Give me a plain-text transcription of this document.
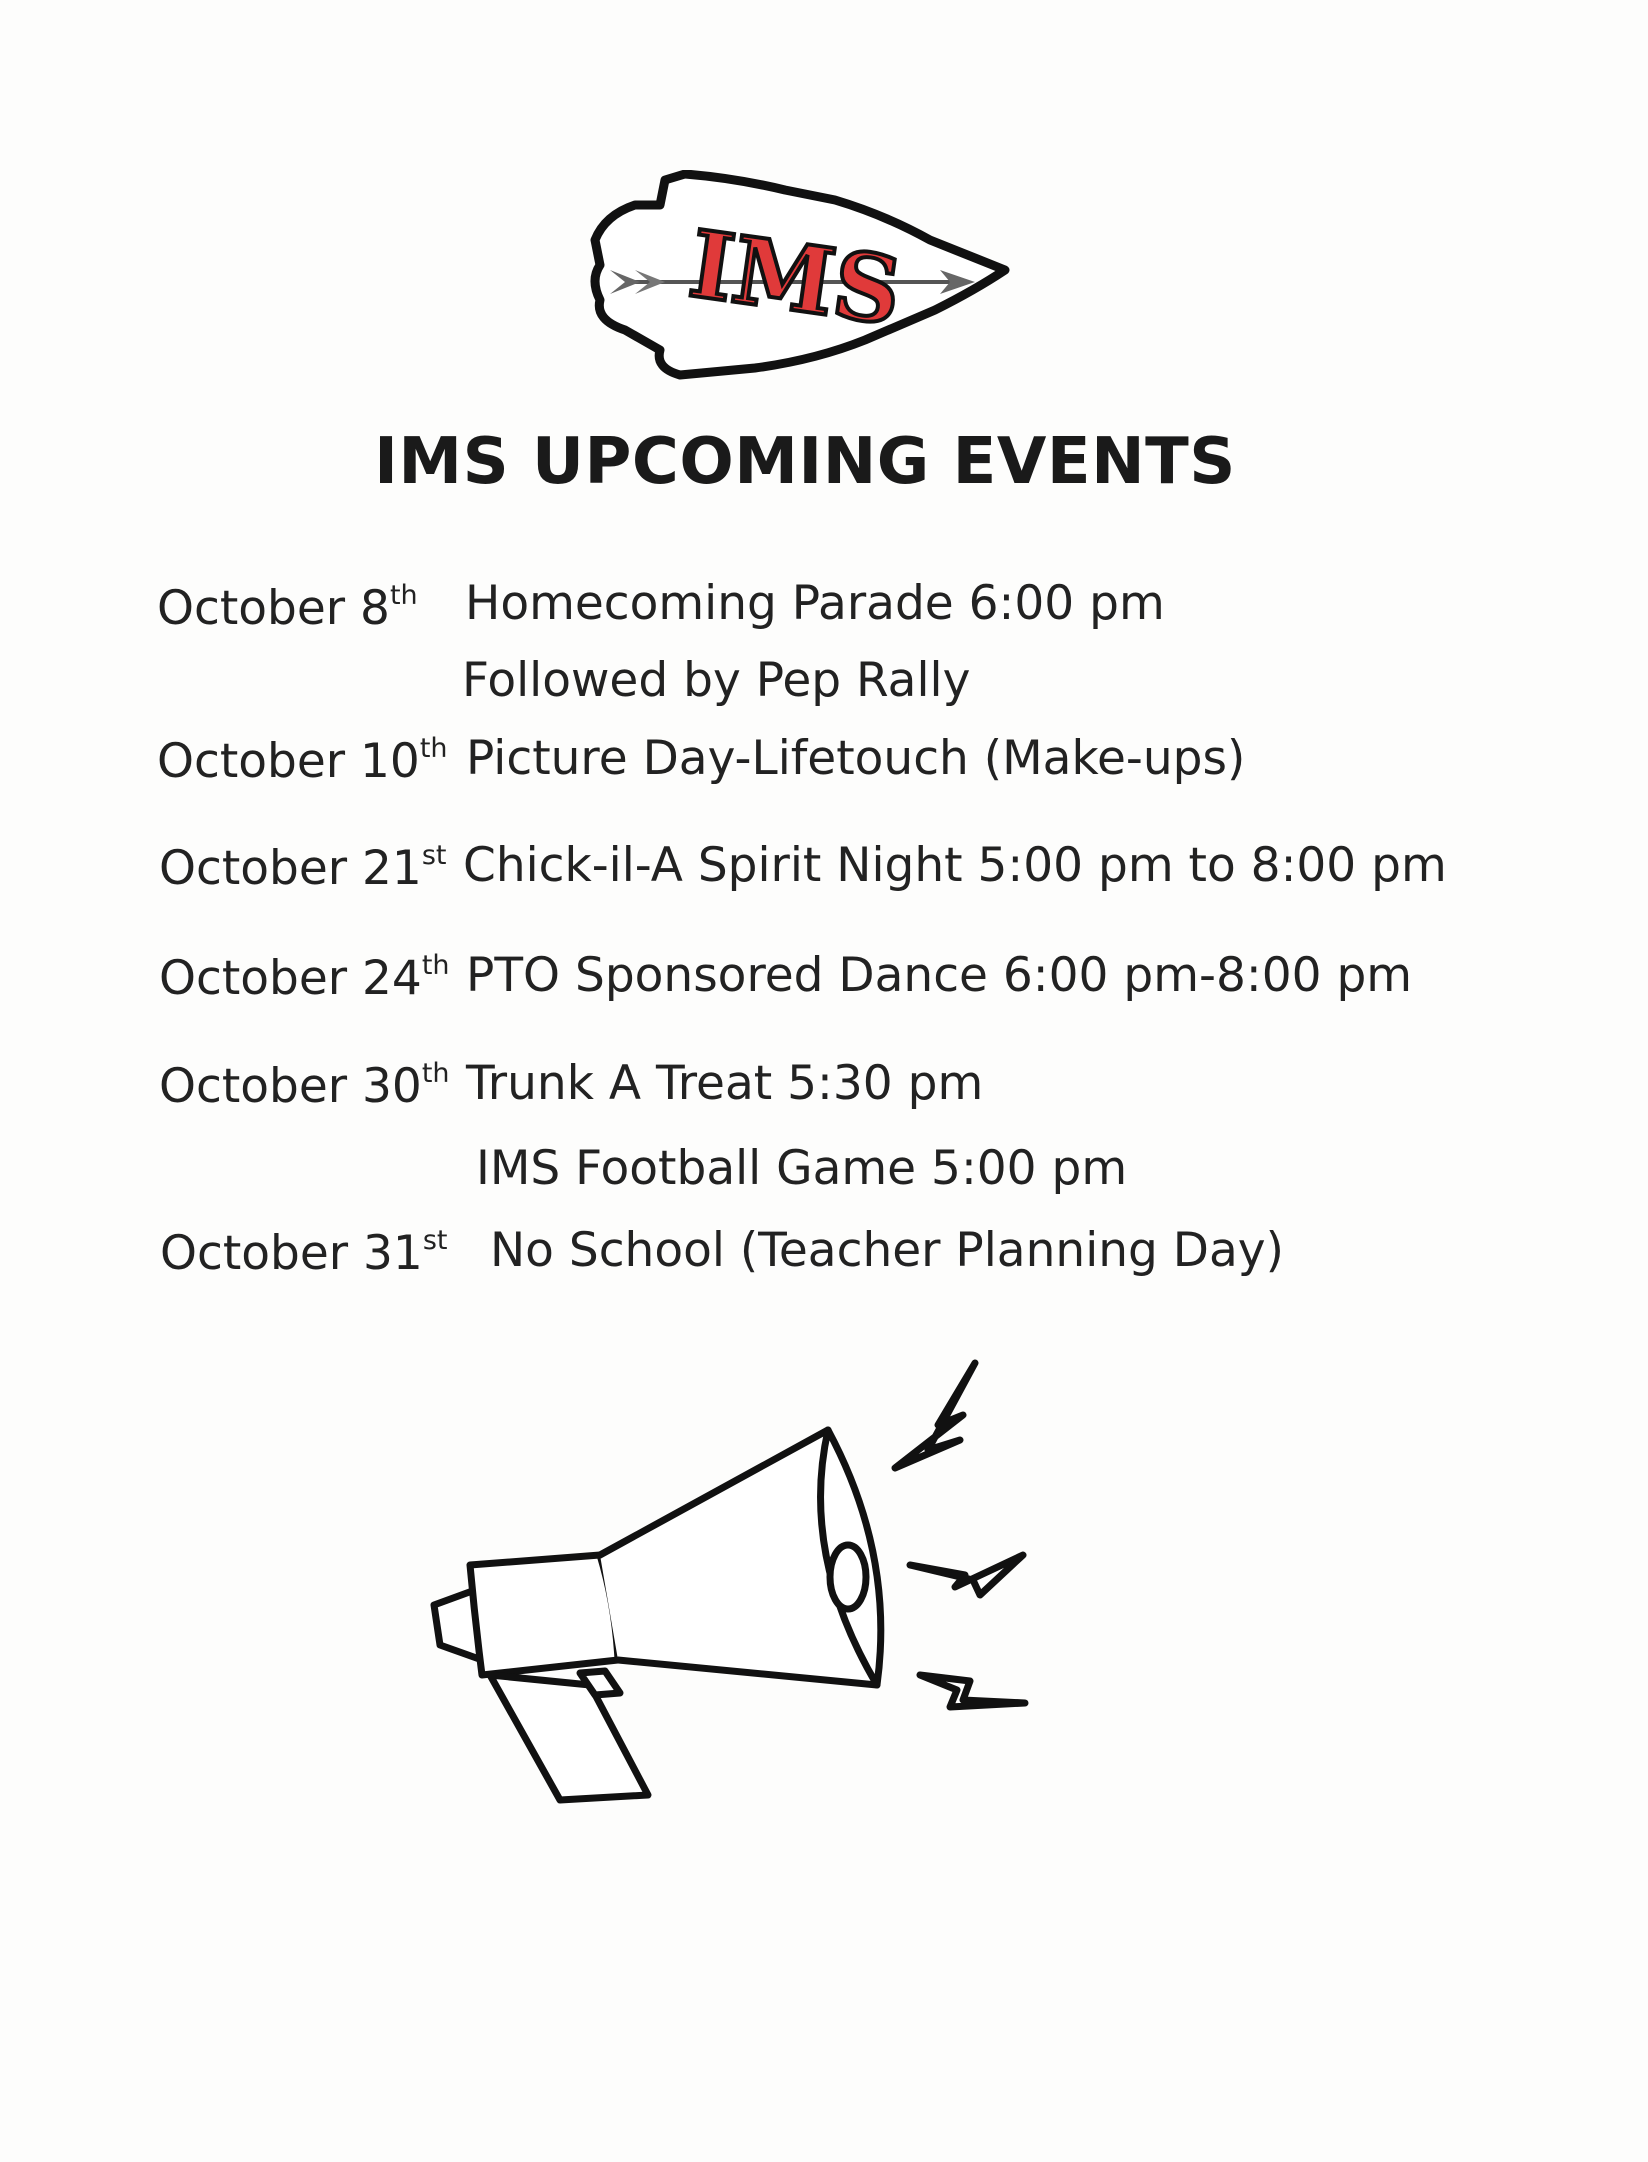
IMS
IMS UPCOMING EVENTS
October 8th Homecoming Parade 6:00 pm
Followed by Pep Rally
October 10th Picture Day-Lifetouch (Make-ups)
October 21st Chick-il-A Spirit Night 5:00 pm to 8:00 pm
October 24th PTO Sponsored Dance 6:00 pm-8:00 pm
October 30th Trunk A Treat 5:30 pm
IMS Football Game 5:00 pm
October 31st No School (Teacher Planning Day)
